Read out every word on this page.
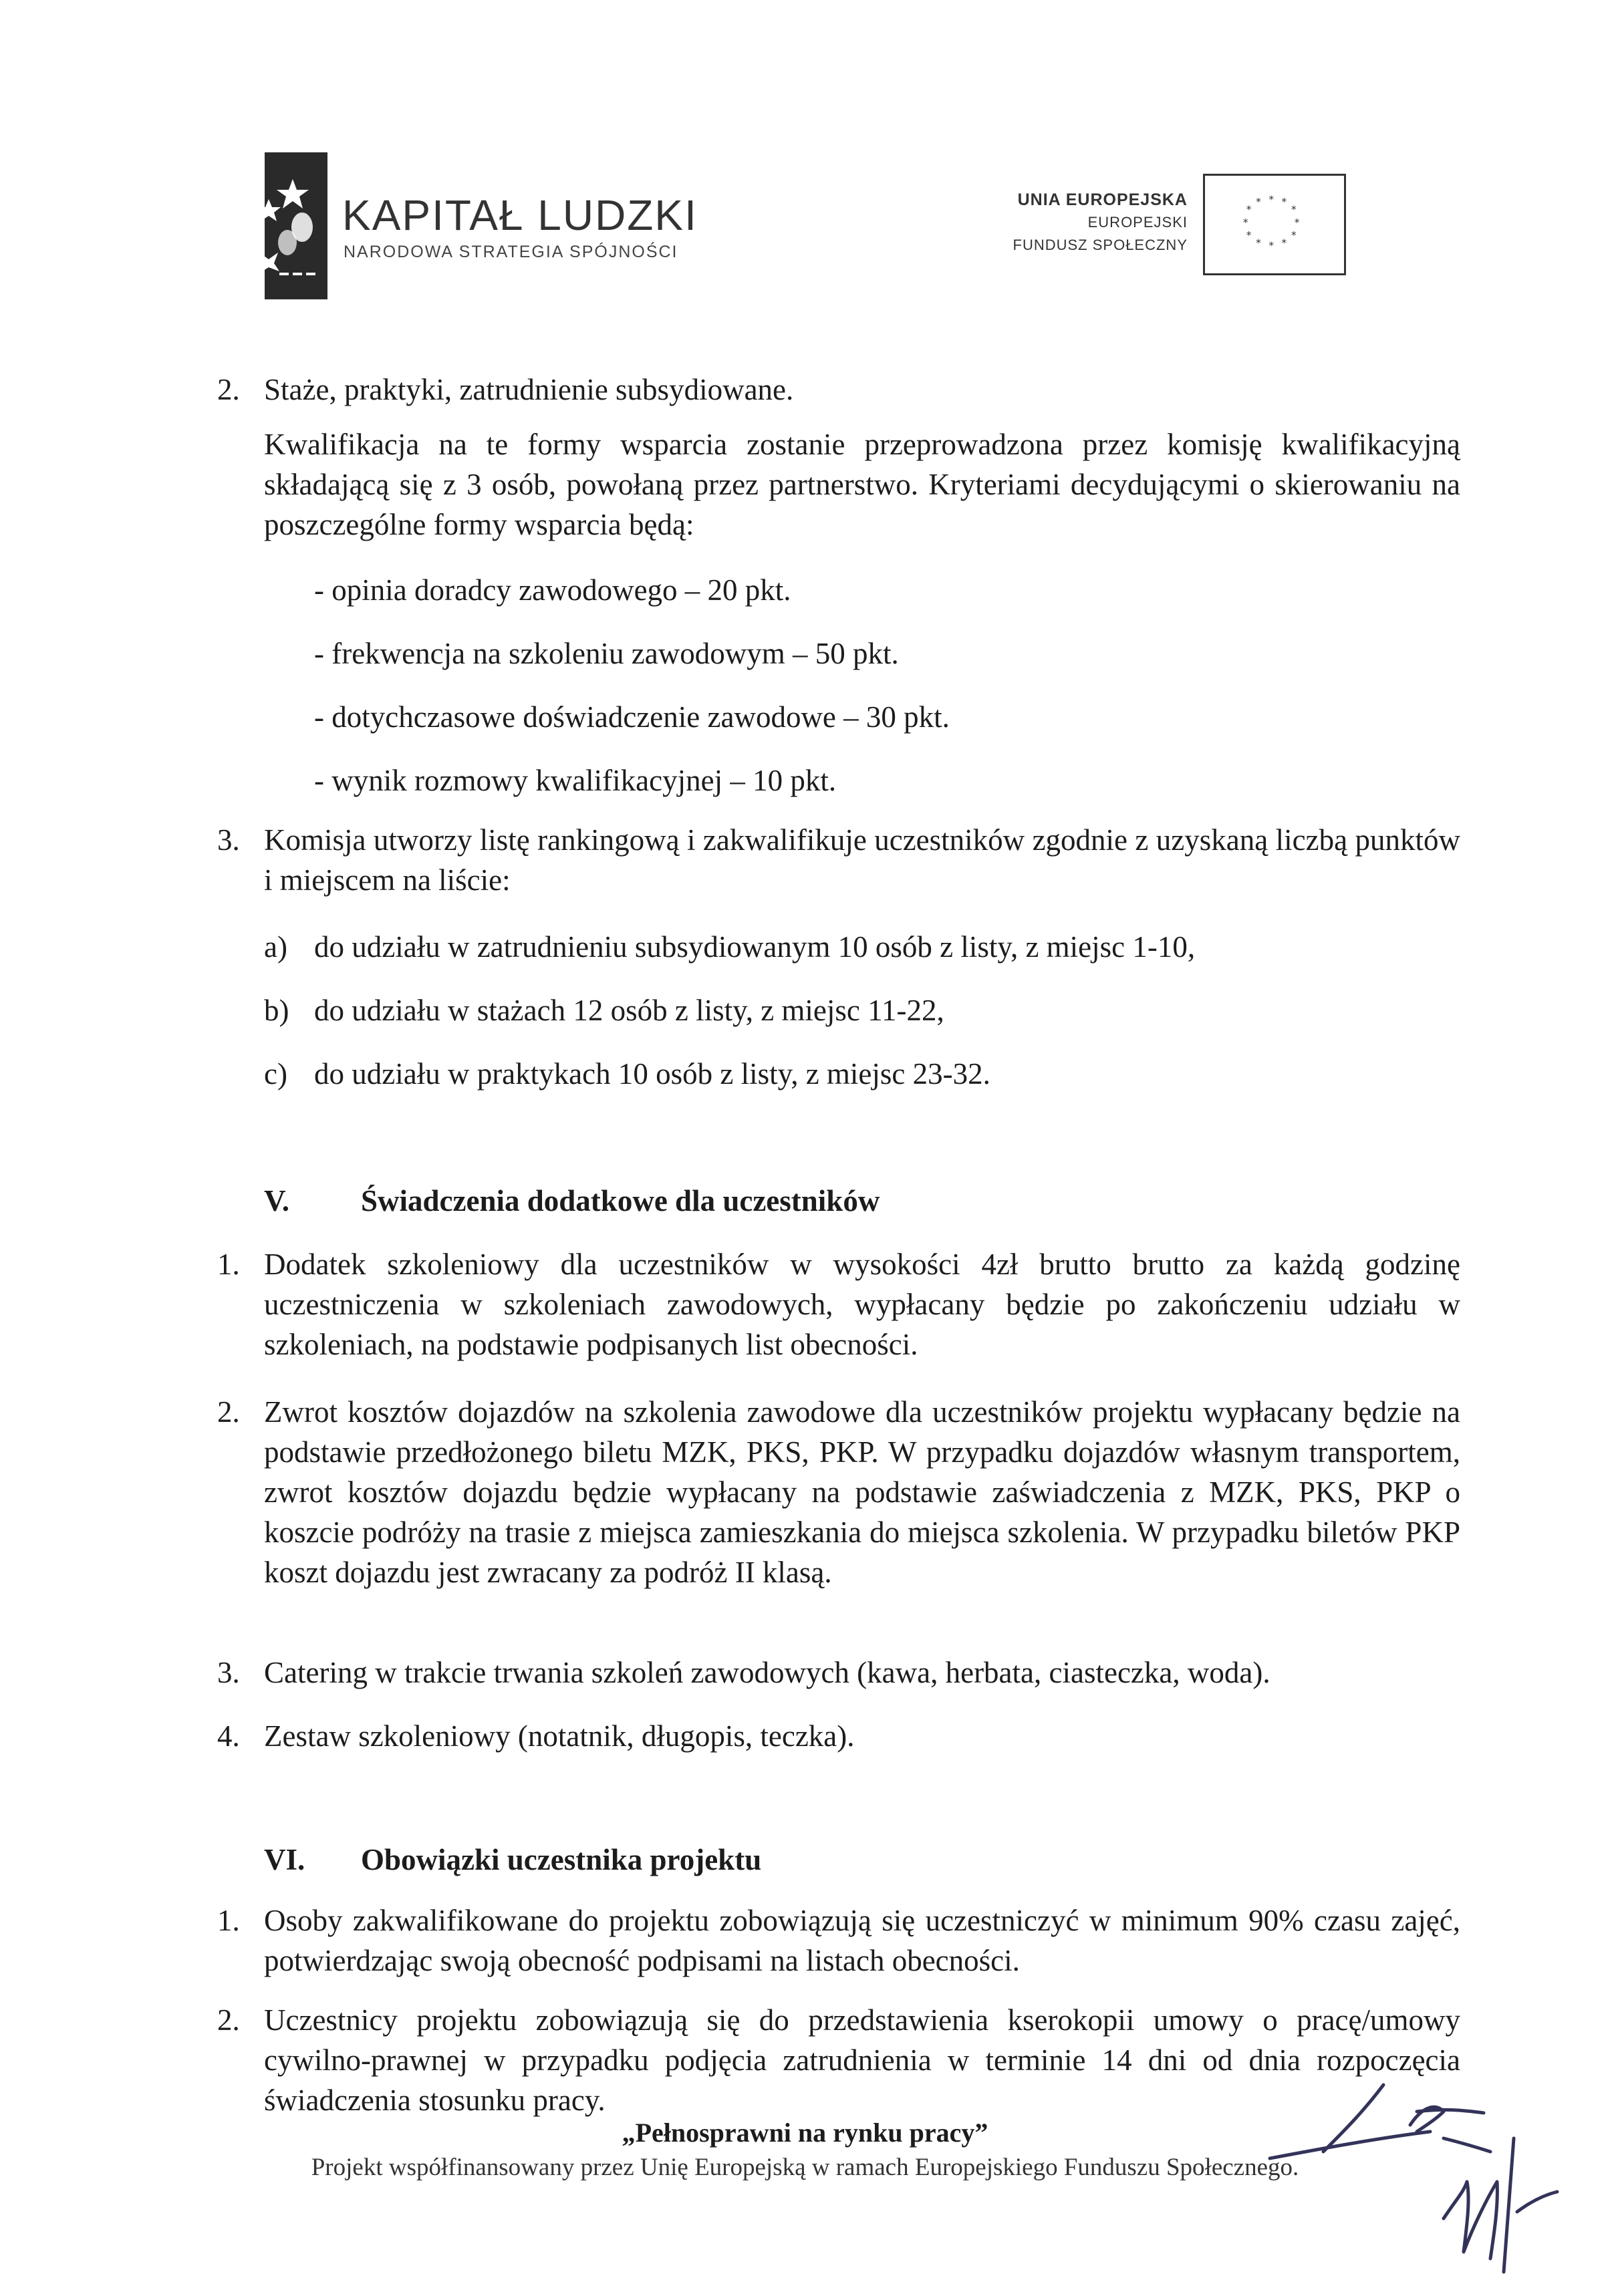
KAPITAŁ LUDZKI
NARODOWA STRATEGIA SPÓJNOŚCI
UNIA EUROPEJSKA
EUROPEJSKI
FUNDUSZ SPOŁECZNY
* *
*
*
*
*
*
*
*
*
*
*
2. Staże, praktyki, zatrudnienie subsydiowane.
Kwalifikacja na te formy wsparcia zostanie przeprowadzona przez komisję kwalifikacyjną składającą się z 3 osób, powołaną przez partnerstwo. Kryteriami decydującymi o skierowaniu na poszczególne formy wsparcia będą:
- opinia doradcy zawodowego – 20 pkt.
- frekwencja na szkoleniu zawodowym – 50 pkt.
- dotychczasowe doświadczenie zawodowe – 30 pkt.
- wynik rozmowy kwalifikacyjnej – 10 pkt.
3. Komisja utworzy listę rankingową i zakwalifikuje uczestników zgodnie z uzyskaną liczbą punktów i miejscem na liście:
a) do udziału w zatrudnieniu subsydiowanym 10 osób z listy, z miejsc 1-10,
b) do udziału w stażach 12 osób z listy, z miejsc 11-22,
c) do udziału w praktykach 10 osób z listy, z miejsc 23-32.
V. Świadczenia dodatkowe dla uczestników
1. Dodatek szkoleniowy dla uczestników w wysokości 4zł brutto brutto za każdą godzinę uczestniczenia w szkoleniach zawodowych, wypłacany będzie po zakończeniu udziału w szkoleniach, na podstawie podpisanych list obecności.
2. Zwrot kosztów dojazdów na szkolenia zawodowe dla uczestników projektu wypłacany będzie na podstawie przedłożonego biletu MZK, PKS, PKP. W przypadku dojazdów własnym transportem, zwrot kosztów dojazdu będzie wypłacany na podstawie zaświadczenia z MZK, PKS, PKP o koszcie podróży na trasie z miejsca zamieszkania do miejsca szkolenia. W przypadku biletów PKP koszt dojazdu jest zwracany za podróż II klasą.
3. Catering w trakcie trwania szkoleń zawodowych (kawa, herbata, ciasteczka, woda).
4. Zestaw szkoleniowy (notatnik, długopis, teczka).
VI. Obowiązki uczestnika projektu
1. Osoby zakwalifikowane do projektu zobowiązują się uczestniczyć w minimum 90% czasu zajęć, potwierdzając swoją obecność podpisami na listach obecności.
2. Uczestnicy projektu zobowiązują się do przedstawienia kserokopii umowy o pracę/umowy cywilno-prawnej w przypadku podjęcia zatrudnienia w terminie 14 dni od dnia rozpoczęcia świadczenia stosunku pracy.
„Pełnosprawni na rynku pracy”
Projekt współfinansowany przez Unię Europejską w ramach Europejskiego Funduszu Społecznego.
